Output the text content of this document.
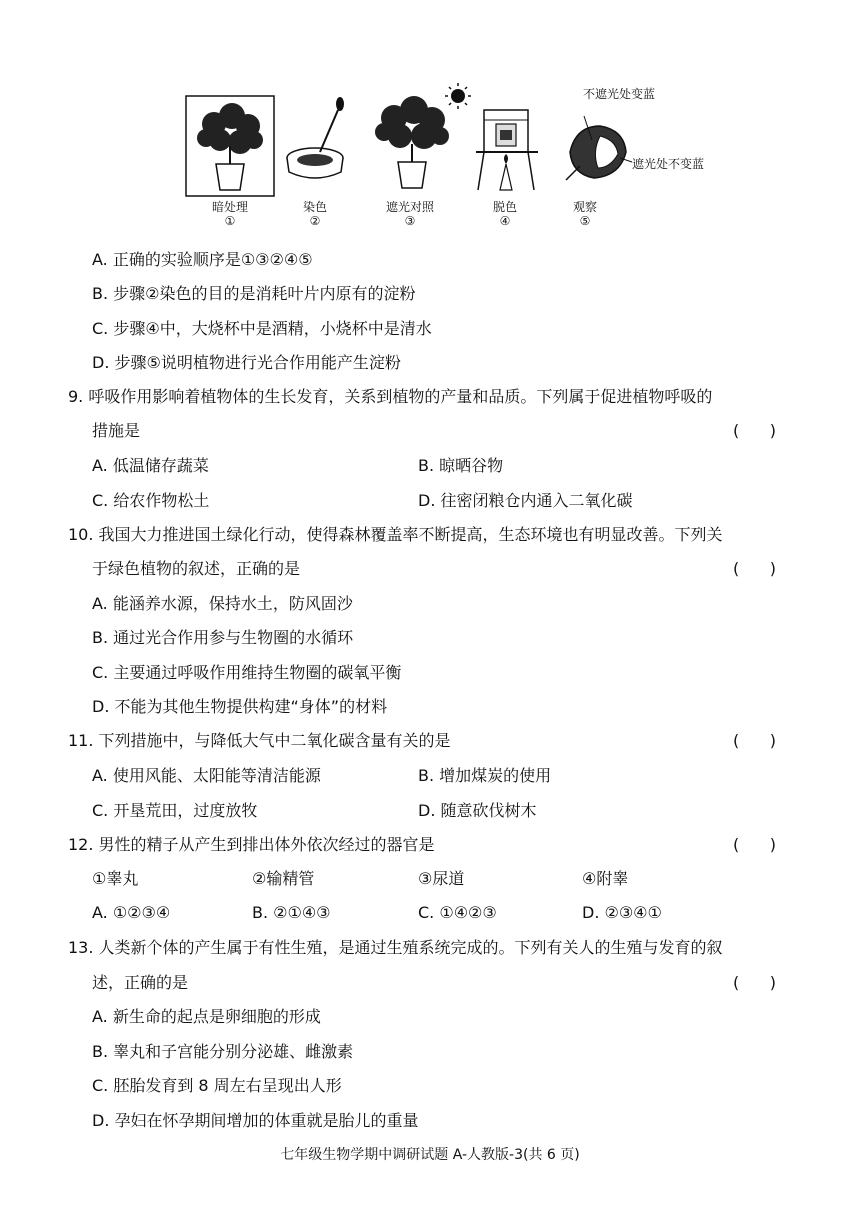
不遮光处变蓝
遮光处不变蓝
暗处理
①
染色
②
遮光对照
③
脱色
④
观察
⑤
A. 正确的实验顺序是①③②④⑤
B. 步骤②染色的目的是消耗叶片内原有的淀粉
C. 步骤④中，大烧杯中是酒精，小烧杯中是清水
D. 步骤⑤说明植物进行光合作用能产生淀粉
9. 呼吸作用影响着植物体的生长发育，关系到植物的产量和品质。下列属于促进植物呼吸的
措施是	(      )
A. 低温储存蔬菜	B. 晾晒谷物
C. 给农作物松土	D. 往密闭粮仓内通入二氧化碳
10. 我国大力推进国土绿化行动，使得森林覆盖率不断提高，生态环境也有明显改善。下列关
于绿色植物的叙述，正确的是	(      )
A. 能涵养水源，保持水土，防风固沙
B. 通过光合作用参与生物圈的水循环
C. 主要通过呼吸作用维持生物圈的碳氧平衡
D. 不能为其他生物提供构建“身体”的材料
11. 下列措施中，与降低大气中二氧化碳含量有关的是	(      )
A. 使用风能、太阳能等清洁能源	B. 增加煤炭的使用
C. 开垦荒田，过度放牧	D. 随意砍伐树木
12. 男性的精子从产生到排出体外依次经过的器官是	(      )
①睾丸	②输精管	③尿道	④附睾
A. ①②③④	B. ②①④③	C. ①④②③	D. ②③④①
13. 人类新个体的产生属于有性生殖，是通过生殖系统完成的。下列有关人的生殖与发育的叙
述，正确的是	(      )
A. 新生命的起点是卵细胞的形成
B. 睾丸和子宫能分别分泌雄、雌激素
C. 胚胎发育到 8 周左右呈现出人形
D. 孕妇在怀孕期间增加的体重就是胎儿的重量
七年级生物学期中调研试题 A-人教版-3(共 6 页)
